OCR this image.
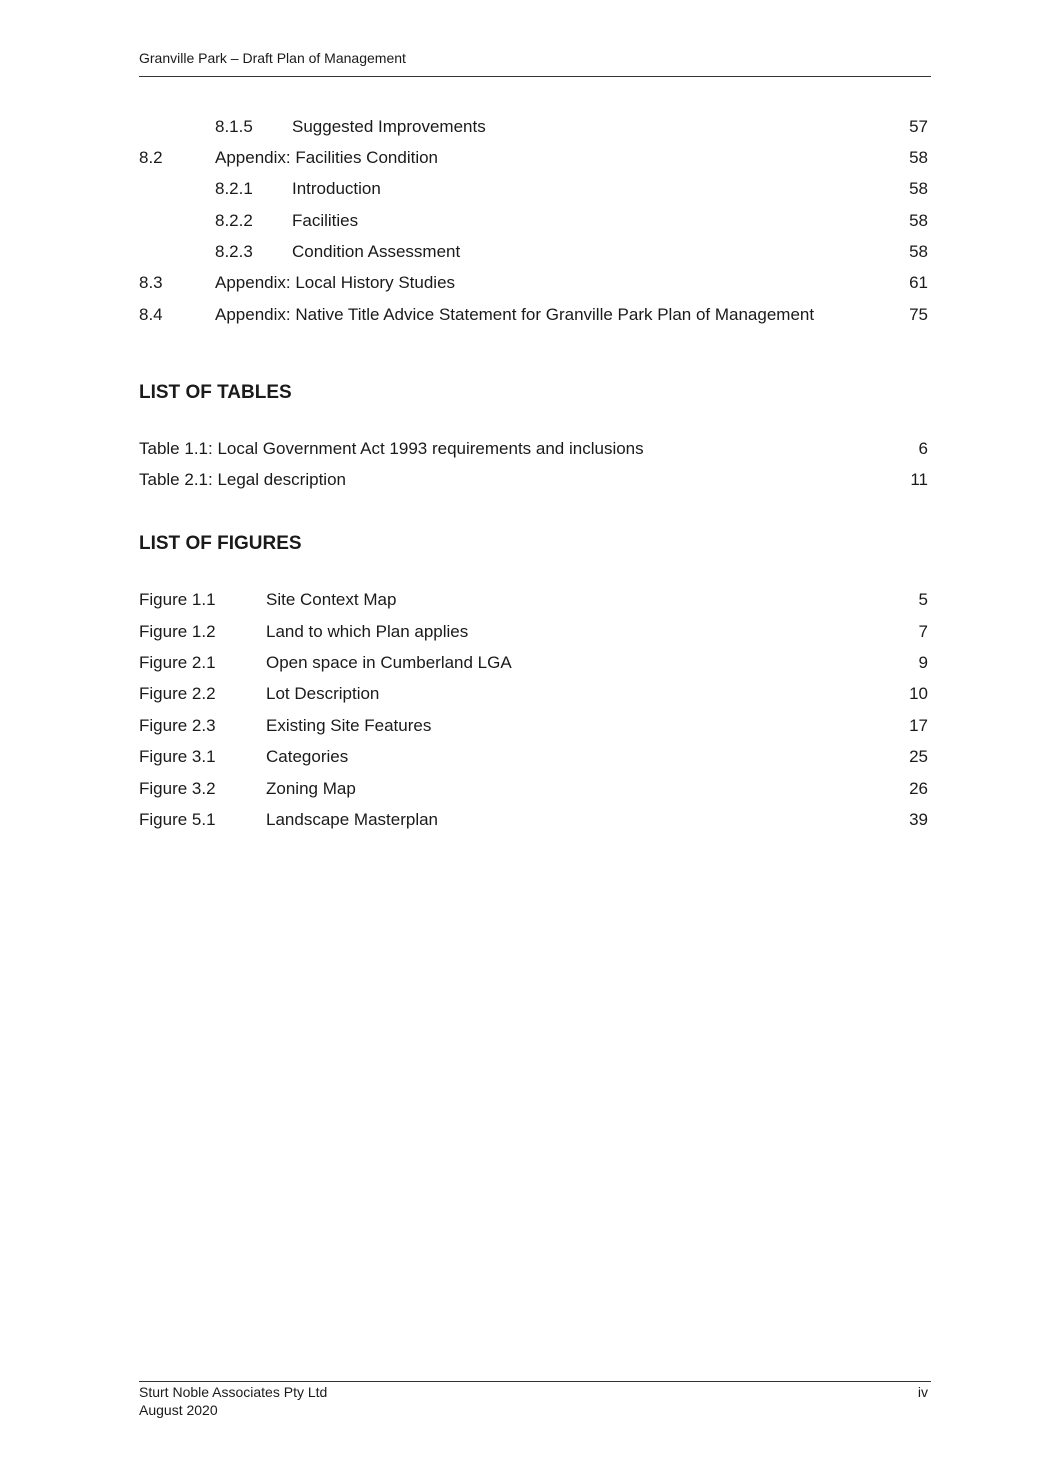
Granville Park – Draft Plan of Management
8.1.5 Suggested Improvements	57
8.2	Appendix: Facilities Condition	58
8.2.1 Introduction	58
8.2.2 Facilities	58
8.2.3 Condition Assessment	58
8.3	Appendix: Local History Studies	61
8.4	Appendix: Native Title Advice Statement for Granville Park Plan of Management	75
LIST OF TABLES
Table 1.1: Local Government Act 1993 requirements and inclusions	6
Table 2.1: Legal description	11
LIST OF FIGURES
Figure 1.1	Site Context Map	5
Figure 1.2	Land to which Plan applies	7
Figure 2.1	Open space in Cumberland LGA	9
Figure 2.2	Lot Description	10
Figure 2.3	Existing Site Features	17
Figure 3.1	Categories	25
Figure 3.2	Zoning Map	26
Figure 5.1	Landscape Masterplan	39
Sturt Noble Associates Pty Ltd
August 2020
iv
